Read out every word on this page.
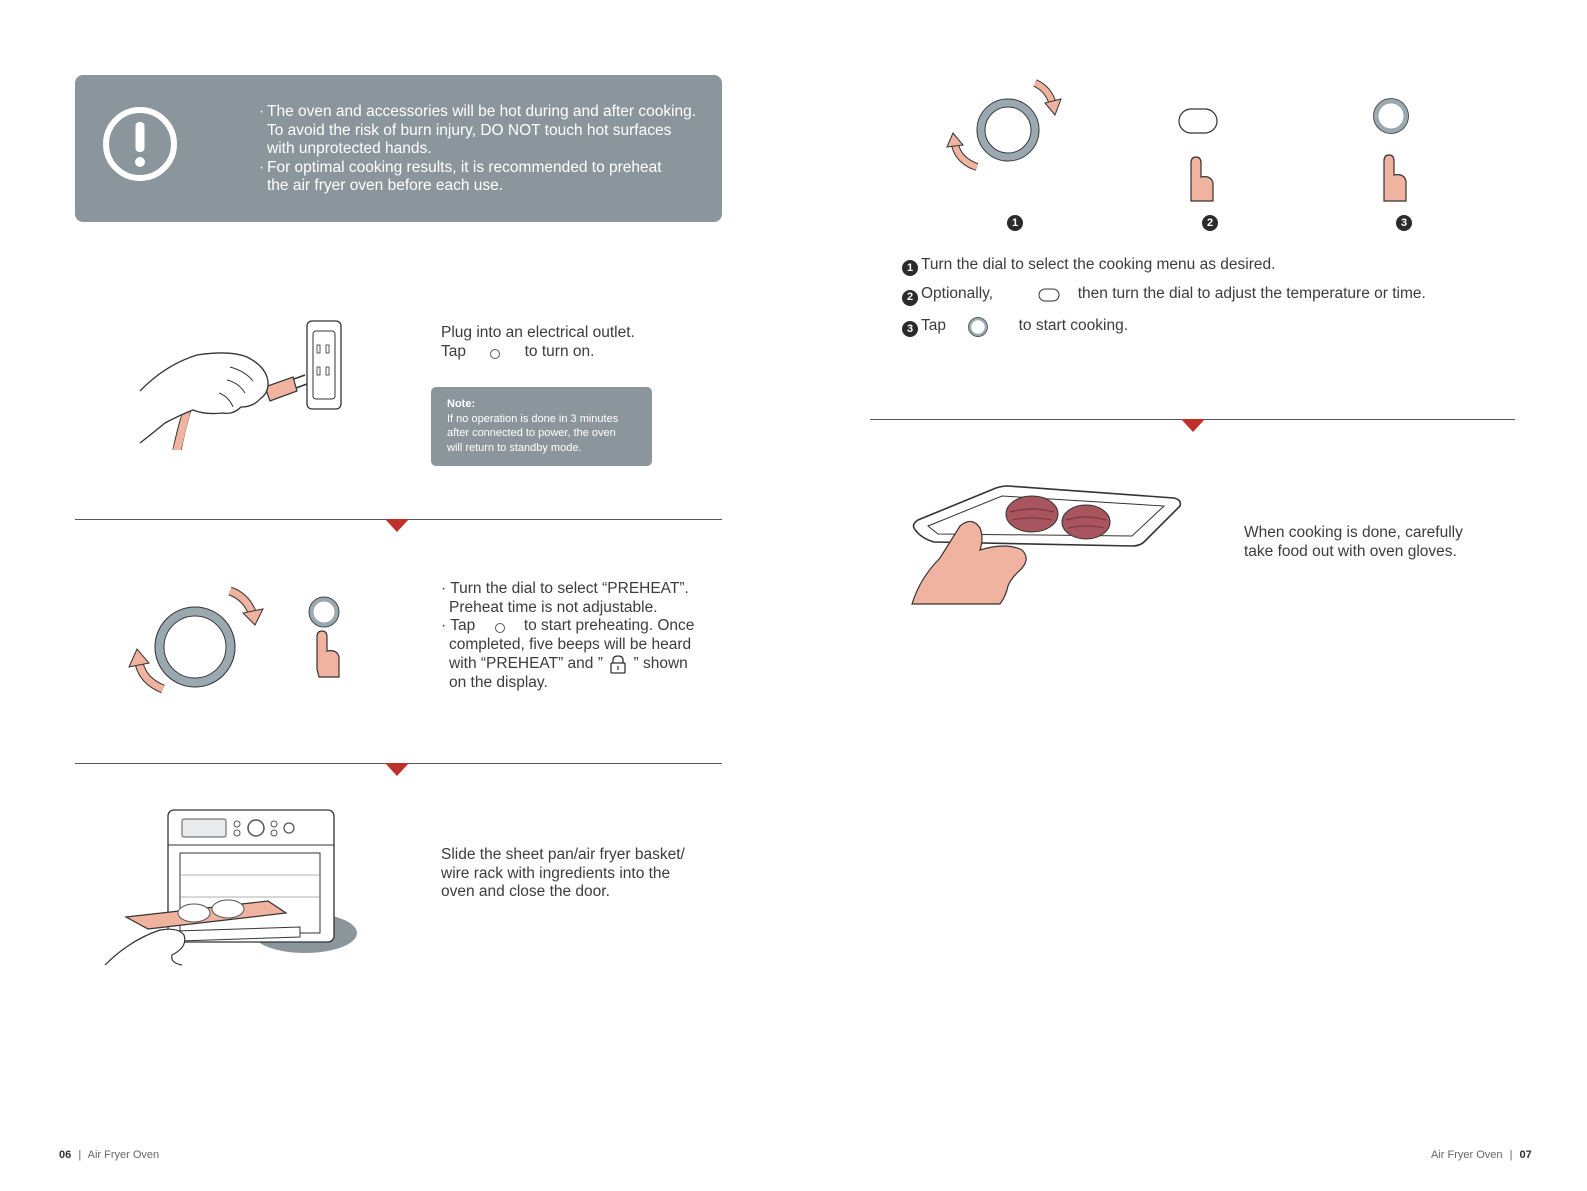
· The oven and accessories will be hot during and after cooking.

To avoid the risk of burn injury, DO NOT touch hot surfaces

with unprotected hands.

· For optimal cooking results, it is recommended to preheat

the air fryer oven before each use.

Plug into an electrical outlet.

Tap	to turn on.

Note:
If no operation is done in 3 minutes
after connected to power, the oven
will return to standby mode.

· Turn the dial to select “PREHEAT”.

Preheat time is not adjustable.

· Tap	to start preheating. Once

completed, five beeps will be heard

with “PREHEAT” and ” ” shown

on the display.

Slide the sheet pan/air fryer basket/

wire rack with ingredients into the

oven and close the door.

06 | Air Fryer Oven
1	2	3

1 Turn the dial to select the cooking menu as desired.

2 Optionally,	then turn the dial to adjust the temperature or time.

3 Tap	to start cooking.

When cooking is done, carefully

take food out with oven gloves.

Air Fryer Oven | 07
